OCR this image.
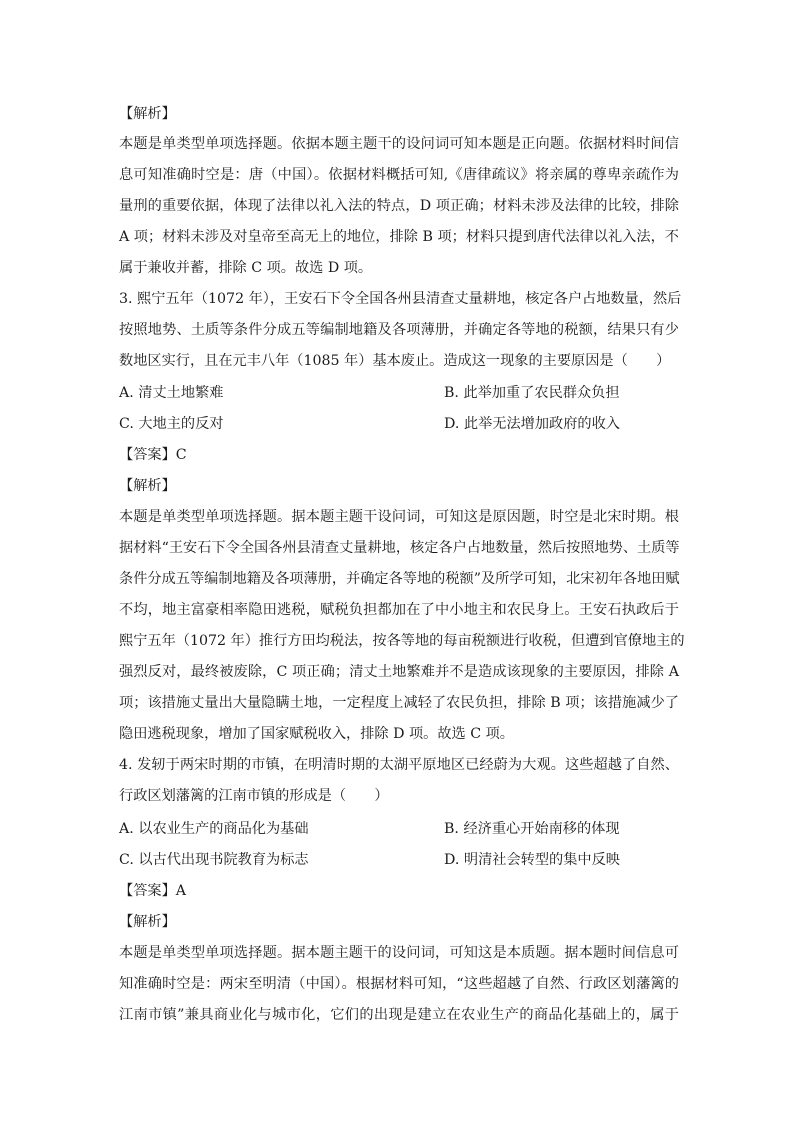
【解析】
本题是单类型单项选择题。依据本题主题干的设问词可知本题是正向题。依据材料时间信
息可知准确时空是：唐（中国）。依据材料概括可知,《唐律疏议》将亲属的尊卑亲疏作为
量刑的重要依据，体现了法律以礼入法的特点，D 项正确；材料未涉及法律的比较，排除
A 项；材料未涉及对皇帝至高无上的地位，排除 B 项；材料只提到唐代法律以礼入法，不
属于兼收并蓄，排除 C 项。故选 D 项。
3. 熙宁五年（1072 年），王安石下令全国各州县清查丈量耕地，核定各户占地数量，然后
按照地势、土质等条件分成五等编制地籍及各项薄册，并确定各等地的税额，结果只有少
数地区实行，且在元丰八年（1085 年）基本废止。造成这一现象的主要原因是（　　）
A. 清丈土地繁难	B. 此举加重了农民群众负担
C. 大地主的反对	D. 此举无法增加政府的收入
【答案】C
【解析】
本题是单类型单项选择题。据本题主题干设问词，可知这是原因题，时空是北宋时期。根
据材料“王安石下令全国各州县清查丈量耕地，核定各户占地数量，然后按照地势、土质等
条件分成五等编制地籍及各项薄册，并确定各等地的税额”及所学可知，北宋初年各地田赋
不均，地主富豪相率隐田逃税，赋税负担都加在了中小地主和农民身上。王安石执政后于
熙宁五年（1072 年）推行方田均税法，按各等地的每亩税额进行收税，但遭到官僚地主的
强烈反对，最终被废除，C 项正确；清丈土地繁难并不是造成该现象的主要原因，排除 A
项；该措施丈量出大量隐瞒土地，一定程度上减轻了农民负担，排除 B 项；该措施减少了
隐田逃税现象，增加了国家赋税收入，排除 D 项。故选 C 项。
4. 发轫于两宋时期的市镇，在明清时期的太湖平原地区已经蔚为大观。这些超越了自然、
行政区划藩篱的江南市镇的形成是（　　）
A. 以农业生产的商品化为基础	B. 经济重心开始南移的体现
C. 以古代出现书院教育为标志	D. 明清社会转型的集中反映
【答案】A
【解析】
本题是单类型单项选择题。据本题主题干的设问词，可知这是本质题。据本题时间信息可
知准确时空是：两宋至明清（中国）。根据材料可知，“这些超越了自然、行政区划藩篱的
江南市镇”兼具商业化与城市化，它们的出现是建立在农业生产的商品化基础上的，属于
